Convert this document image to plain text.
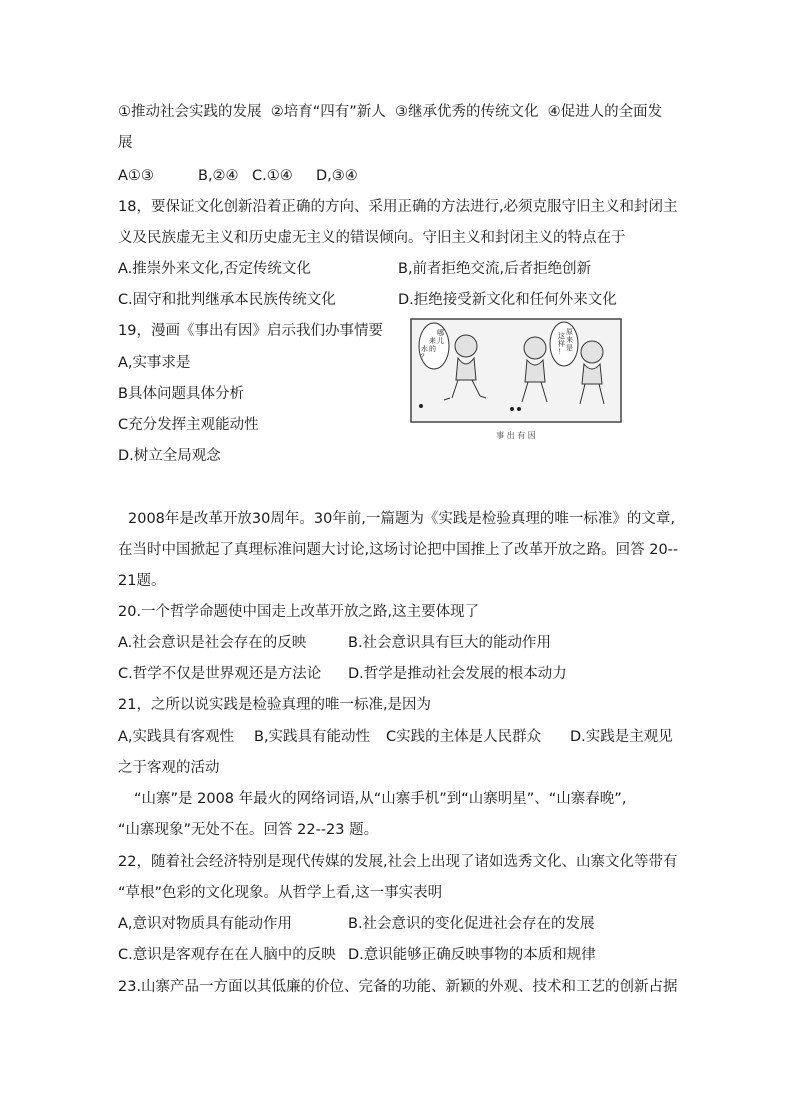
①推动社会实践的发展  ②培育“四有”新人  ③继承优秀的传统文化  ④促进人的全面发
展
A①③	B,②④ C.①④ D,③④
18，要保证文化创新沿着正确的方向、采用正确的方法进行,必须克服守旧主义和封闭主
义及民族虚无主义和历史虚无主义的错误倾向。守旧主义和封闭主义的特点在于
A.推崇外来文化,否定传统文化	B,前者拒绝交流,后者拒绝创新
C.固守和批判继承本民族传统文化	D.拒绝接受新文化和任何外来文化
19，漫画《事出有因》启示我们办事情要
A,实事求是
B具体问题具体分析
C充分发挥主观能动性
D.树立全局观念
哪 儿 来 的 水 ？
原 来 是 这 样 ！
事 出 有 因
2008年是改革开放30周年。30年前,一篇题为《实践是检验真理的唯一标准》的文章,
在当时中国掀起了真理标准问题大讨论,这场讨论把中国推上了改革开放之路。回答 20--
21题。
20.一个哲学命题使中国走上改革开放之路,这主要体现了
A.社会意识是社会存在的反映	B.社会意识具有巨大的能动作用
C.哲学不仅是世界观还是方法论 D.哲学是推动社会发展的根本动力
21，之所以说实践是检验真理的唯一标准,是因为
A,实践具有客观性 B,实践具有能动性 C实践的主体是人民群众 D.实践是主观见
之于客观的活动
“山寨”是 2008 年最火的网络词语,从“山寨手机”到“山寨明星”、“山寨春晚”,
“山寨现象”无处不在。回答 22--23 题。
22，随着社会经济特别是现代传媒的发展,社会上出现了诸如选秀文化、山寨文化等带有
“草根”色彩的文化现象。从哲学上看,这一事实表明
A,意识对物质具有能动作用	B.社会意识的变化促进社会存在的发展
C.意识是客观存在在人脑中的反映 D.意识能够正确反映事物的本质和规律
23.山寨产品一方面以其低廉的价位、完备的功能、新颖的外观、技术和工艺的创新占据
